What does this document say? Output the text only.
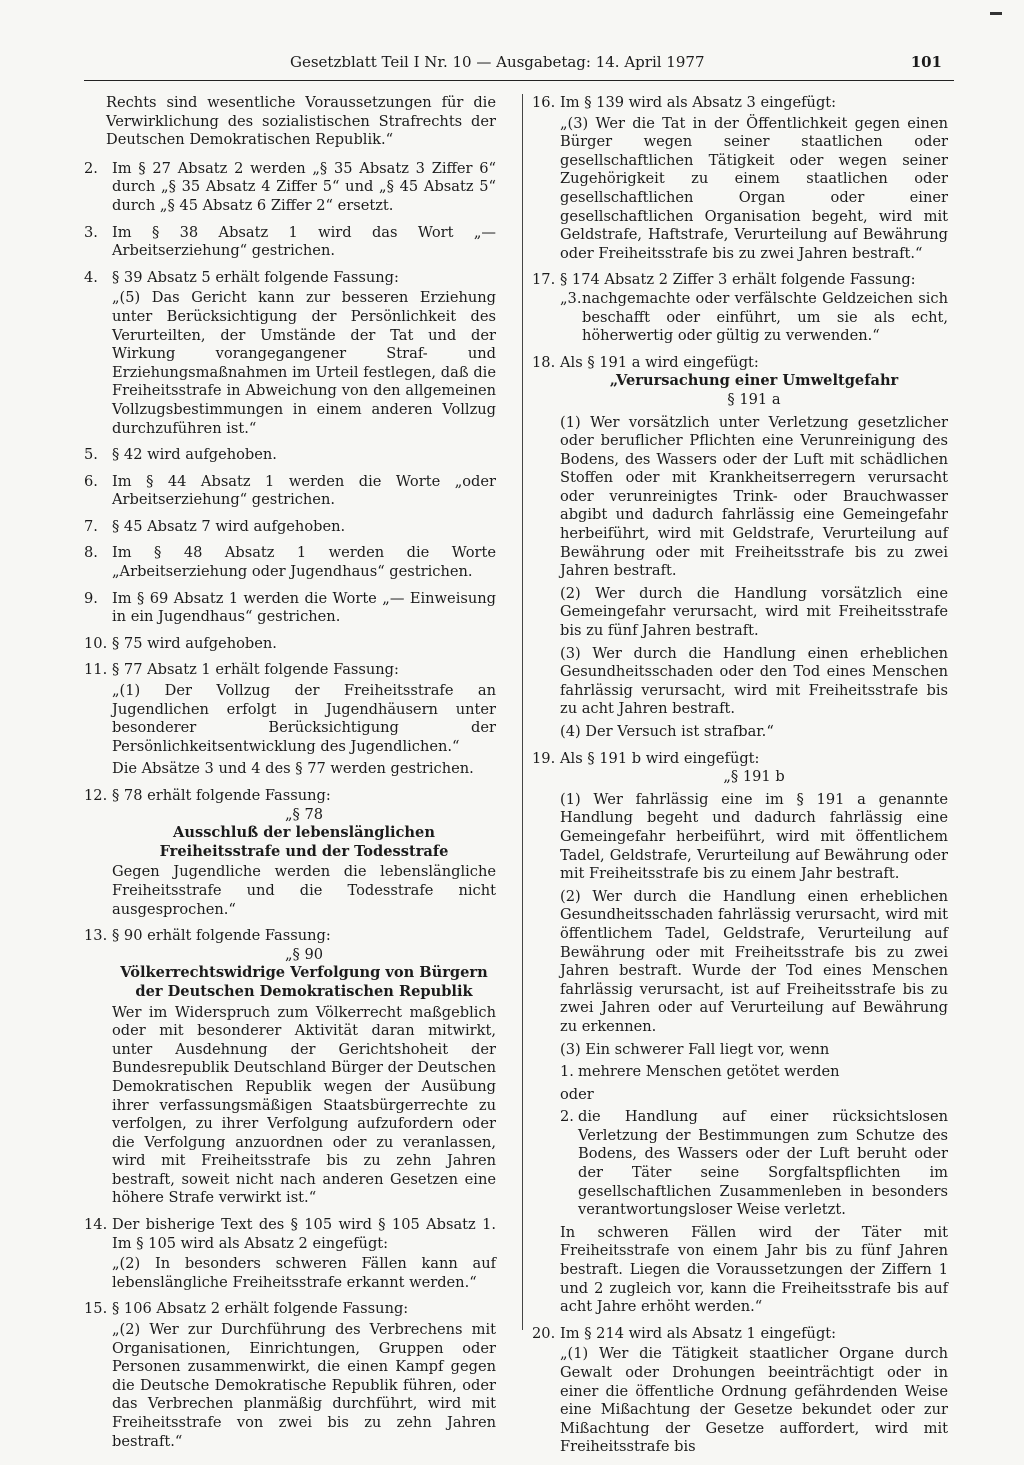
Gesetzblatt Teil I Nr. 10 — Ausgabetag: 14. April 1977	101

Rechts sind wesentliche Voraussetzungen für die Verwirklichung des sozialistischen Strafrechts der Deutschen Demokratischen Republik.“

2. Im § 27 Absatz 2 werden „§ 35 Absatz 3 Ziffer 6“ durch „§ 35 Absatz 4 Ziffer 5“ und „§ 45 Absatz 5“ durch „§ 45 Absatz 6 Ziffer 2“ ersetzt.

3. Im § 38 Absatz 1 wird das Wort „— Arbeitserziehung“ gestrichen.

4. § 39 Absatz 5 erhält folgende Fassung:

„(5) Das Gericht kann zur besseren Erziehung unter Berücksichtigung der Persönlichkeit des Verurteilten, der Umstände der Tat und der Wirkung vorangegangener Straf- und Erziehungsmaßnahmen im Urteil festlegen, daß die Freiheitsstrafe in Abweichung von den allgemeinen Vollzugsbestimmungen in einem anderen Vollzug durchzuführen ist.“

5. § 42 wird aufgehoben.

6. Im § 44 Absatz 1 werden die Worte „oder Arbeitserziehung“ gestrichen.

7. § 45 Absatz 7 wird aufgehoben.

8. Im § 48 Absatz 1 werden die Worte „Arbeitserziehung oder Jugendhaus“ gestrichen.

9. Im § 69 Absatz 1 werden die Worte „— Einweisung in ein Jugendhaus“ gestrichen.

10. § 75 wird aufgehoben.

11. § 77 Absatz 1 erhält folgende Fassung:

„(1) Der Vollzug der Freiheitsstrafe an Jugendlichen erfolgt in Jugendhäusern unter besonderer Berücksichtigung der Persönlichkeitsentwicklung des Jugendlichen.“

Die Absätze 3 und 4 des § 77 werden gestrichen.

12. § 78 erhält folgende Fassung:

„§ 78

Ausschluß der lebenslänglichen Freiheitsstrafe und der Todesstrafe

Gegen Jugendliche werden die lebenslängliche Freiheitsstrafe und die Todesstrafe nicht ausgesprochen.“

13. § 90 erhält folgende Fassung:

„§ 90

Völkerrechtswidrige Verfolgung von Bürgern der Deutschen Demokratischen Republik

Wer im Widerspruch zum Völkerrecht maßgeblich oder mit besonderer Aktivität daran mitwirkt, unter Ausdehnung der Gerichtshoheit der Bundesrepublik Deutschland Bürger der Deutschen Demokratischen Republik wegen der Ausübung ihrer verfassungsmäßigen Staatsbürgerrechte zu verfolgen, zu ihrer Verfolgung aufzufordern oder die Verfolgung anzuordnen oder zu veranlassen, wird mit Freiheitsstrafe bis zu zehn Jahren bestraft, soweit nicht nach anderen Gesetzen eine höhere Strafe verwirkt ist.“

14. Der bisherige Text des § 105 wird § 105 Absatz 1. Im § 105 wird als Absatz 2 eingefügt:

„(2) In besonders schweren Fällen kann auf lebenslängliche Freiheitsstrafe erkannt werden.“

15. § 106 Absatz 2 erhält folgende Fassung:

„(2) Wer zur Durchführung des Verbrechens mit Organisationen, Einrichtungen, Gruppen oder Personen zusammenwirkt, die einen Kampf gegen die Deutsche Demokratische Republik führen, oder das Verbrechen planmäßig durchführt, wird mit Freiheitsstrafe von zwei bis zu zehn Jahren bestraft.“

16. Im § 139 wird als Absatz 3 eingefügt:

„(3) Wer die Tat in der Öffentlichkeit gegen einen Bürger wegen seiner staatlichen oder gesellschaftlichen Tätigkeit oder wegen seiner Zugehörigkeit zu einem staatlichen oder gesellschaftlichen Organ oder einer gesellschaftlichen Organisation begeht, wird mit Geldstrafe, Haftstrafe, Verurteilung auf Bewährung oder Freiheitsstrafe bis zu zwei Jahren bestraft.“

17. § 174 Absatz 2 Ziffer 3 erhält folgende Fassung:

„3. nachgemachte oder verfälschte Geldzeichen sich beschafft oder einführt, um sie als echt, höherwertig oder gültig zu verwenden.“

18. Als § 191 a wird eingefügt:

„Verursachung einer Umweltgefahr

§ 191 a

(1) Wer vorsätzlich unter Verletzung gesetzlicher oder beruflicher Pflichten eine Verunreinigung des Bodens, des Wassers oder der Luft mit schädlichen Stoffen oder mit Krankheitserregern verursacht oder verunreinigtes Trink- oder Brauchwasser abgibt und dadurch fahrlässig eine Gemeingefahr herbeiführt, wird mit Geldstrafe, Verurteilung auf Bewährung oder mit Freiheitsstrafe bis zu zwei Jahren bestraft.

(2) Wer durch die Handlung vorsätzlich eine Gemeingefahr verursacht, wird mit Freiheitsstrafe bis zu fünf Jahren bestraft.

(3) Wer durch die Handlung einen erheblichen Gesundheitsschaden oder den Tod eines Menschen fahrlässig verursacht, wird mit Freiheitsstrafe bis zu acht Jahren bestraft.

(4) Der Versuch ist strafbar.“

19. Als § 191 b wird eingefügt:

„§ 191 b

(1) Wer fahrlässig eine im § 191 a genannte Handlung begeht und dadurch fahrlässig eine Gemeingefahr herbeiführt, wird mit öffentlichem Tadel, Geldstrafe, Verurteilung auf Bewährung oder mit Freiheitsstrafe bis zu einem Jahr bestraft.

(2) Wer durch die Handlung einen erheblichen Gesundheitsschaden fahrlässig verursacht, wird mit öffentlichem Tadel, Geldstrafe, Verurteilung auf Bewährung oder mit Freiheitsstrafe bis zu zwei Jahren bestraft. Wurde der Tod eines Menschen fahrlässig verursacht, ist auf Freiheitsstrafe bis zu zwei Jahren oder auf Verurteilung auf Bewährung zu erkennen.

(3) Ein schwerer Fall liegt vor, wenn

1. mehrere Menschen getötet werden

oder

2. die Handlung auf einer rücksichtslosen Verletzung der Bestimmungen zum Schutze des Bodens, des Wassers oder der Luft beruht oder der Täter seine Sorgfaltspflichten im gesellschaftlichen Zusammenleben in besonders verantwortungsloser Weise verletzt.

In schweren Fällen wird der Täter mit Freiheitsstrafe von einem Jahr bis zu fünf Jahren bestraft. Liegen die Voraussetzungen der Ziffern 1 und 2 zugleich vor, kann die Freiheitsstrafe bis auf acht Jahre erhöht werden.“

20. Im § 214 wird als Absatz 1 eingefügt:

„(1) Wer die Tätigkeit staatlicher Organe durch Gewalt oder Drohungen beeinträchtigt oder in einer die öffentliche Ordnung gefährdenden Weise eine Mißachtung der Gesetze bekundet oder zur Mißachtung der Gesetze auffordert, wird mit Freiheitsstrafe bis
